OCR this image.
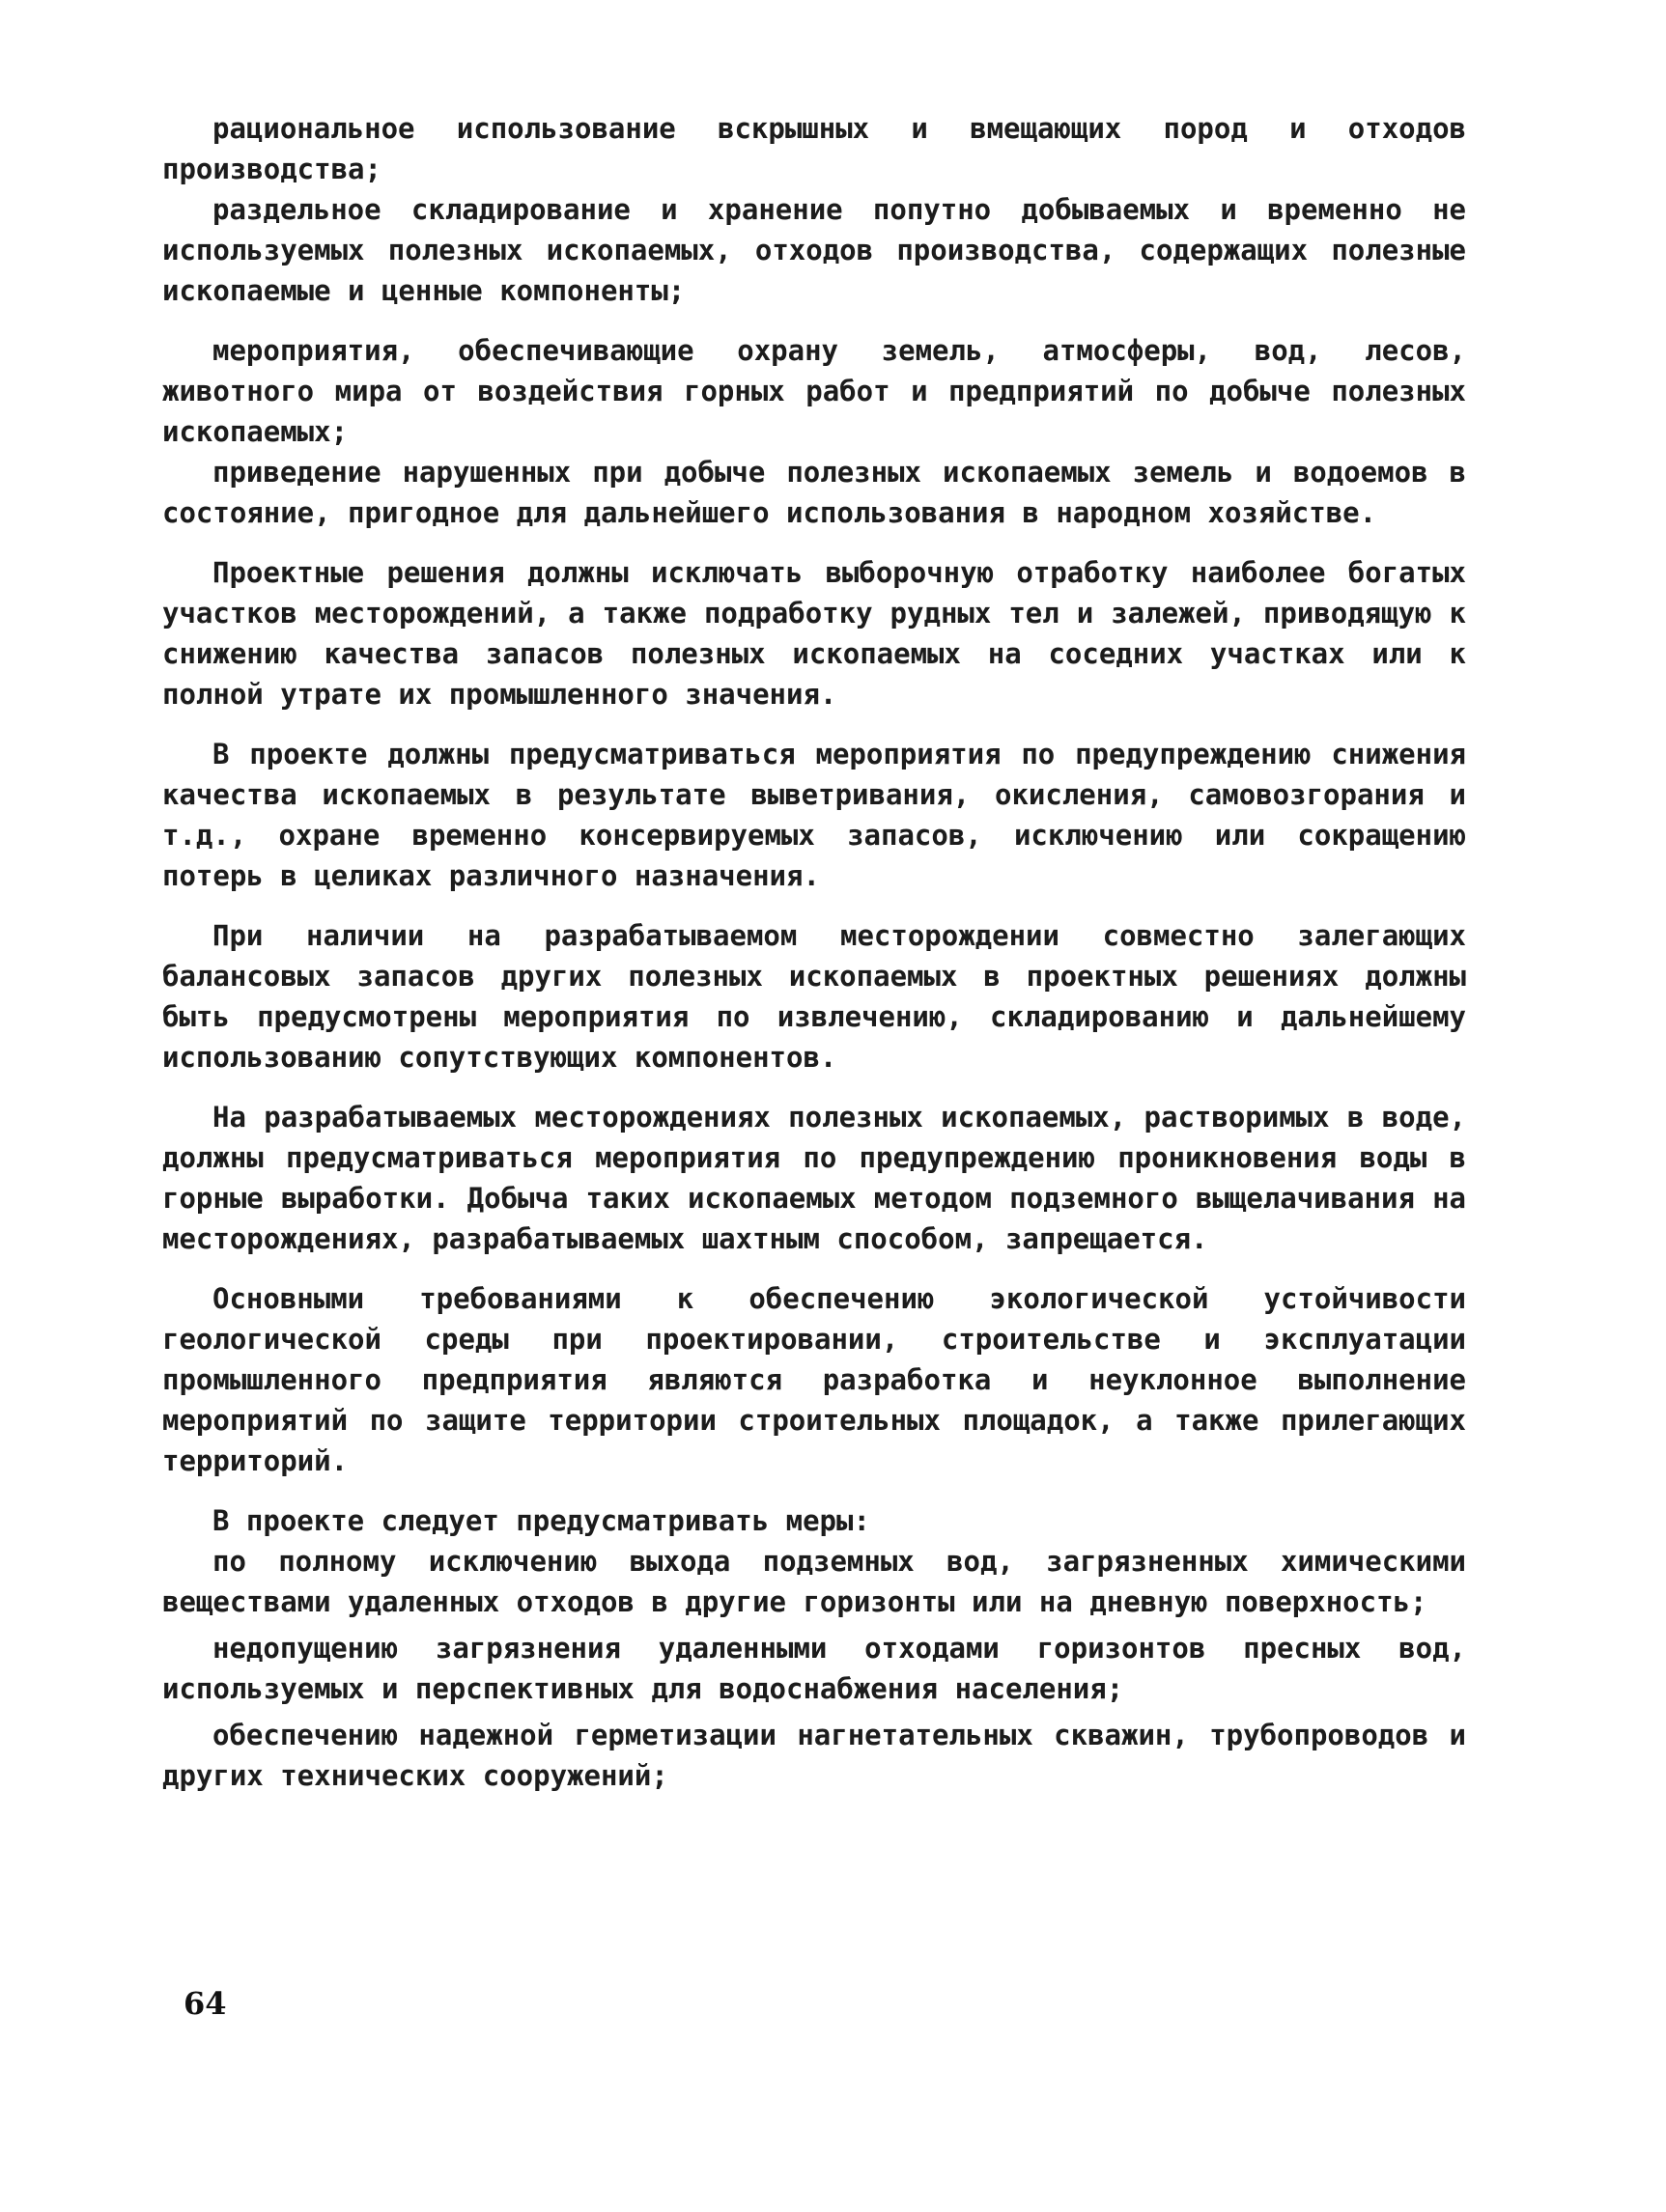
рациональное использование вскрышных и вмещающих пород и отходов производства;

раздельное складирование и хранение попутно добываемых и временно не используемых полезных ископаемых, отходов производства, содержащих полезные ископаемые и ценные компоненты;

мероприятия, обеспечивающие охрану земель, атмосферы, вод, лесов, животного мира от воздействия горных работ и предприятий по добыче полезных ископаемых;

приведение нарушенных при добыче полезных ископаемых земель и водоемов в состояние, пригодное для дальнейшего использования в народном хозяйстве.

Проектные решения должны исключать выборочную отработку наиболее богатых участков месторождений, а также подработку рудных тел и залежей, приводящую к снижению качества запасов полезных ископаемых на соседних участках или к полной утрате их промышленного значения.

В проекте должны предусматриваться мероприятия по предупреждению снижения качества ископаемых в результате выветривания, окисления, самовозгорания и т.д., охране временно консервируемых запасов, исключению или сокращению потерь в целиках различного назначения.

При наличии на разрабатываемом месторождении совместно залегающих балансовых запасов других полезных ископаемых в проектных решениях должны быть предусмотрены мероприятия по извлечению, складированию и дальнейшему использованию сопутствующих компонентов.

На разрабатываемых месторождениях полезных ископаемых, растворимых в воде, должны предусматриваться мероприятия по предупреждению проникновения воды в горные выработки. Добыча таких ископаемых методом подземного выщелачивания на месторождениях, разрабатываемых шахтным способом, запрещается.

Основными требованиями к обеспечению экологической устойчивости геологической среды при проектировании, строительстве и эксплуатации промышленного предприятия являются разработка и неуклонное выполнение мероприятий по защите территории строительных площадок, а также прилегающих территорий.

В проекте следует предусматривать меры:

по полному исключению выхода подземных вод, загрязненных химическими веществами удаленных отходов в другие горизонты или на дневную поверхность;

недопущению загрязнения удаленными отходами горизонтов пресных вод, используемых и перспективных для водоснабжения населения;

обеспечению надежной герметизации нагнетательных скважин, трубопроводов и других технических сооружений;

64
